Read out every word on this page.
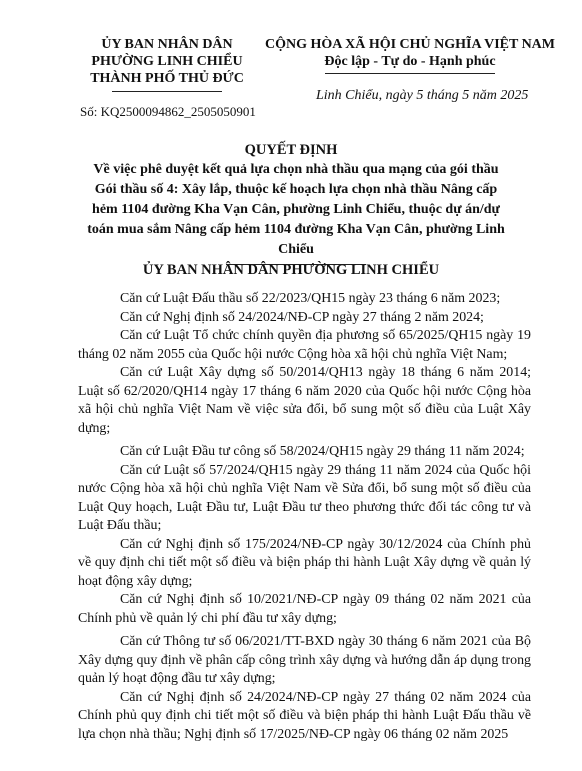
ỦY BAN NHÂN DÂN
PHƯỜNG LINH CHIỂU
THÀNH PHỐ THỦ ĐỨC
CỘNG HÒA XÃ HỘI CHỦ NGHĨA VIỆT NAM
Độc lập - Tự do - Hạnh phúc
Linh Chiểu, ngày 5 tháng 5 năm 2025
Số: KQ2500094862_2505050901
QUYẾT ĐỊNH
Về việc phê duyệt kết quả lựa chọn nhà thầu qua mạng của gói thầu Gói thầu số 4: Xây lắp, thuộc kế hoạch lựa chọn nhà thầu Nâng cấp hẻm 1104 đường Kha Vạn Cân, phường Linh Chiểu, thuộc dự án/dự toán mua sắm Nâng cấp hẻm 1104 đường Kha Vạn Cân, phường Linh Chiểu
ỦY BAN NHÂN DÂN PHƯỜNG LINH CHIỂU

Căn cứ Luật Đấu thầu số 22/2023/QH15 ngày 23 tháng 6 năm 2023;

Căn cứ Nghị định số 24/2024/NĐ-CP ngày 27 tháng 2 năm 2024;

Căn cứ Luật Tổ chức chính quyền địa phương số 65/2025/QH15 ngày 19 tháng 02 năm 2055 của Quốc hội nước Cộng hòa xã hội chủ nghĩa Việt Nam;

Căn cứ Luật Xây dựng số 50/2014/QH13 ngày 18 tháng 6 năm 2014; Luật số 62/2020/QH14 ngày 17 tháng 6 năm 2020 của Quốc hội nước Cộng hòa xã hội chủ nghĩa Việt Nam về việc sửa đổi, bổ sung một số điều của Luật Xây dựng;

Căn cứ Luật Đầu tư công số 58/2024/QH15 ngày 29 tháng 11 năm 2024;

Căn cứ Luật số 57/2024/QH15 ngày 29 tháng 11 năm 2024 của Quốc hội nước Cộng hòa xã hội chủ nghĩa Việt Nam về Sửa đổi, bổ sung một số điều của Luật Quy hoạch, Luật Đầu tư, Luật Đầu tư theo phương thức đối tác công tư và Luật Đấu thầu;

Căn cứ Nghị định số 175/2024/NĐ-CP ngày 30/12/2024 của Chính phủ về quy định chi tiết một số điều và biện pháp thi hành Luật Xây dựng về quản lý hoạt động xây dựng;

Căn cứ Nghị định số 10/2021/NĐ-CP ngày 09 tháng 02 năm 2021 của Chính phủ về quản lý chi phí đầu tư xây dựng;

Căn cứ Thông tư số 06/2021/TT-BXD ngày 30 tháng 6 năm 2021 của Bộ Xây dựng quy định về phân cấp công trình xây dựng và hướng dẫn áp dụng trong quản lý hoạt động đầu tư xây dựng;

Căn cứ Nghị định số 24/2024/NĐ-CP ngày 27 tháng 02 năm 2024 của Chính phủ quy định chi tiết một số điều và biện pháp thi hành Luật Đấu thầu về lựa chọn nhà thầu; Nghị định số 17/2025/NĐ-CP ngày 06 tháng 02 năm 2025
